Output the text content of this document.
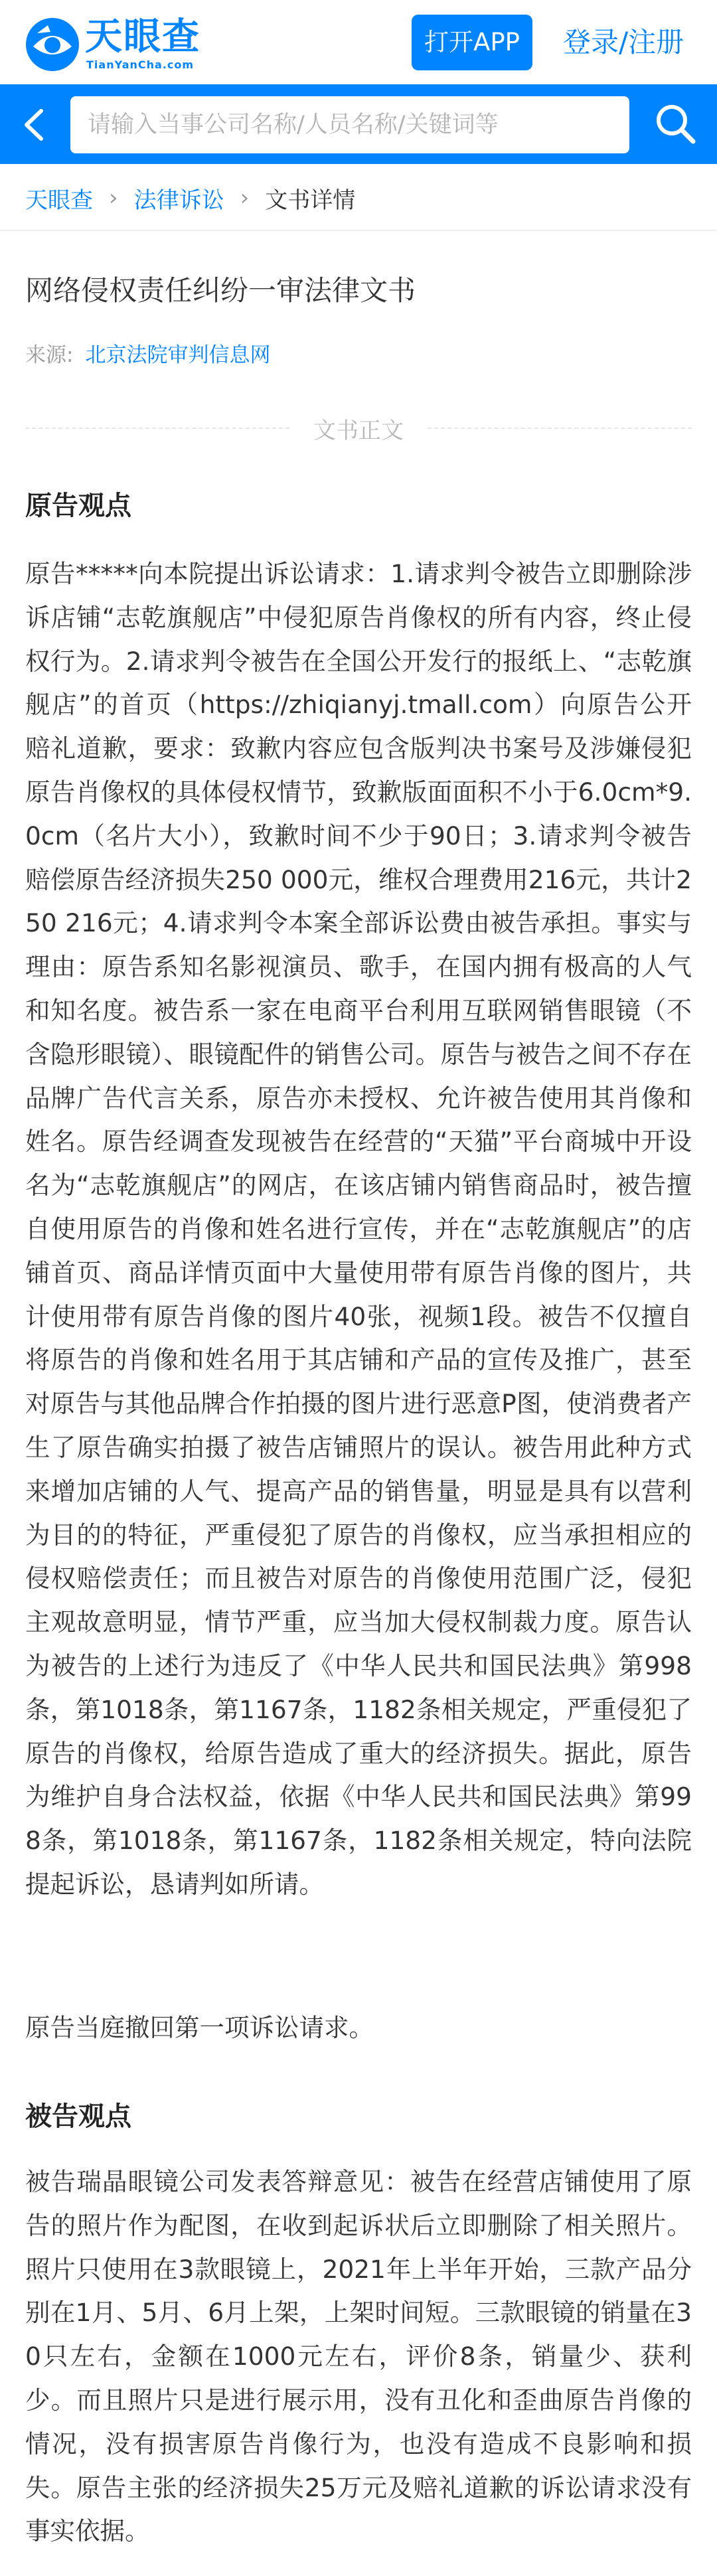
天眼查
TianYanCha.com
打开APP	登录/注册
请输入当事公司名称/人员名称/关键词等
天眼查 › 法律诉讼 › 文书详情
网络侵权责任纠纷一审法律文书
来源: 北京法院审判信息网
文书正文
原告观点
原告*****向本院提出诉讼请求：1.请求判令被告立即删除涉诉店铺“志乾旗舰店”中侵犯原告肖像权的所有内容，终止侵权行为。2.请求判令被告在全国公开发行的报纸上、“志乾旗舰店”的首页（https://zhiqianyj.tmall.com）向原告公开赔礼道歉，要求：致歉内容应包含版判决书案号及涉嫌侵犯原告肖像权的具体侵权情节，致歉版面面积不小于6.0cm*9.0cm（名片大小），致歉时间不少于90日；3.请求判令被告赔偿原告经济损失250 000元，维权合理费用216元，共计250 216元；4.请求判令本案全部诉讼费由被告承担。事实与理由：原告系知名影视演员、歌手，在国内拥有极高的人气和知名度。被告系一家在电商平台利用互联网销售眼镜（不含隐形眼镜）、眼镜配件的销售公司。原告与被告之间不存在品牌广告代言关系，原告亦未授权、允许被告使用其肖像和姓名。原告经调查发现被告在经营的“天猫”平台商城中开设名为“志乾旗舰店”的网店，在该店铺内销售商品时，被告擅自使用原告的肖像和姓名进行宣传，并在“志乾旗舰店”的店铺首页、商品详情页面中大量使用带有原告肖像的图片，共计使用带有原告肖像的图片40张，视频1段。被告不仅擅自将原告的肖像和姓名用于其店铺和产品的宣传及推广，甚至对原告与其他品牌合作拍摄的图片进行恶意P图，使消费者产生了原告确实拍摄了被告店铺照片的误认。被告用此种方式来增加店铺的人气、提高产品的销售量，明显是具有以营利为目的的特征，严重侵犯了原告的肖像权，应当承担相应的侵权赔偿责任；而且被告对原告的肖像使用范围广泛，侵犯主观故意明显，情节严重，应当加大侵权制裁力度。原告认为被告的上述行为违反了《中华人民共和国民法典》第998条，第1018条，第1167条，1182条相关规定，严重侵犯了原告的肖像权，给原告造成了重大的经济损失。据此，原告为维护自身合法权益，依据《中华人民共和国民法典》第998条，第1018条，第1167条，1182条相关规定，特向法院提起诉讼，恳请判如所请。
原告当庭撤回第一项诉讼请求。
被告观点
被告瑞晶眼镜公司发表答辩意见：被告在经营店铺使用了原告的照片作为配图，在收到起诉状后立即删除了相关照片。照片只使用在3款眼镜上，2021年上半年开始，三款产品分别在1月、5月、6月上架，上架时间短。三款眼镜的销量在30只左右，金额在1000元左右，评价8条，销量少、获利少。而且照片只是进行展示用，没有丑化和歪曲原告肖像的情况，没有损害原告肖像行为，也没有造成不良影响和损失。原告主张的经济损失25万元及赔礼道歉的诉讼请求没有事实依据。
